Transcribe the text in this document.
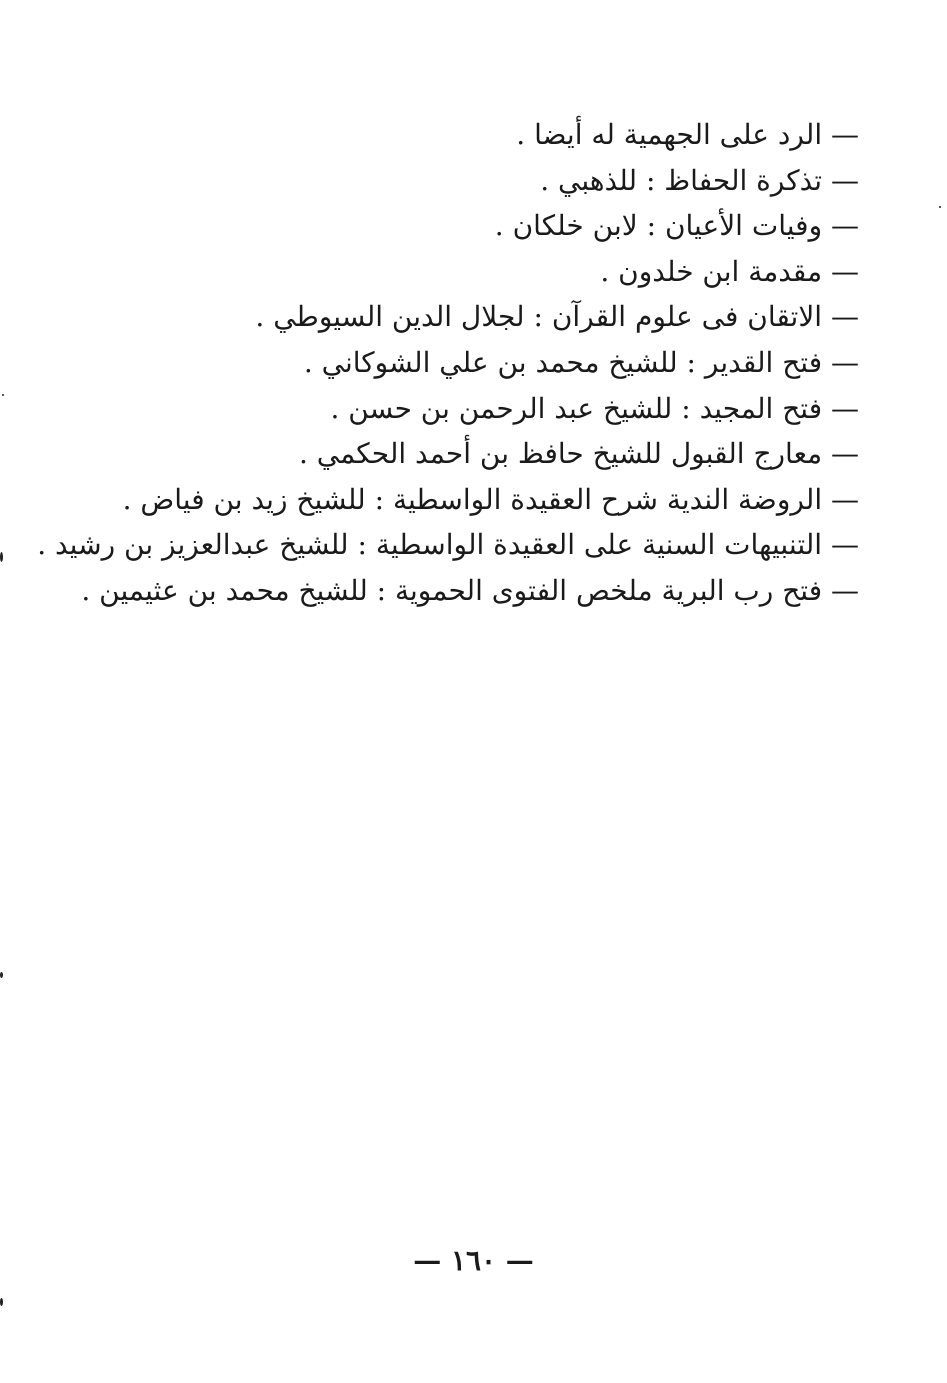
— الرد على الجهمية له أيضا .
— تذكرة الحفاظ : للذهبي .
— وفيات الأعيان : لابن خلكان .
— مقدمة ابن خلدون .
— الاتقان فى علوم القرآن : لجلال الدين السيوطي .
— فتح القدير : للشيخ محمد بن علي الشوكاني .
— فتح المجيد : للشيخ عبد الرحمن بن حسن .
— معارج القبول للشيخ حافظ بن أحمد الحكمي .
— الروضة الندية شرح العقيدة الواسطية : للشيخ زيد بن فياض .
— التنبيهات السنية على العقيدة الواسطية : للشيخ عبدالعزيز بن رشيد .
— فتح رب البرية ملخص الفتوى الحموية : للشيخ محمد بن عثيمين .
— ١٦٠ —
